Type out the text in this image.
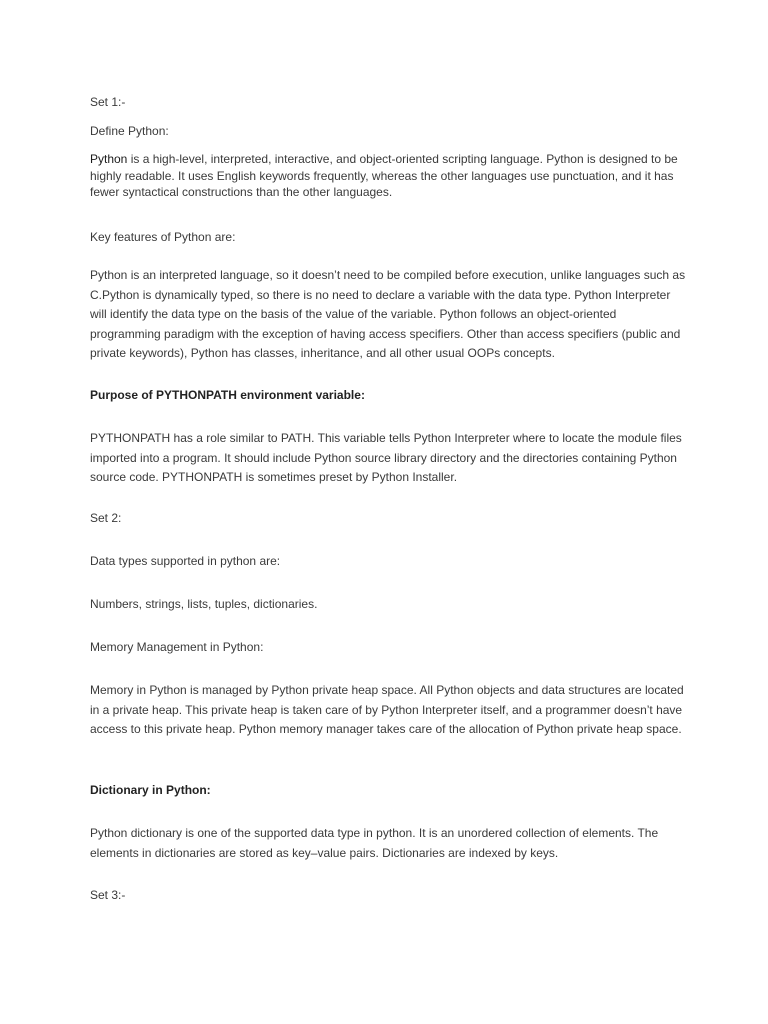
Set 1:-

Define Python:

Python is a high-level, interpreted, interactive, and object-oriented scripting language. Python is designed to be highly readable. It uses English keywords frequently, whereas the other languages use punctuation, and it has fewer syntactical constructions than the other languages.

Key features of Python are:

Python is an interpreted language, so it doesn’t need to be compiled before execution, unlike languages such as C.Python is dynamically typed, so there is no need to declare a variable with the data type. Python Interpreter will identify the data type on the basis of the value of the variable. Python follows an object-oriented programming paradigm with the exception of having access specifiers. Other than access specifiers (public and private keywords), Python has classes, inheritance, and all other usual OOPs concepts.

Purpose of PYTHONPATH environment variable:

PYTHONPATH has a role similar to PATH. This variable tells Python Interpreter where to locate the module files imported into a program. It should include Python source library directory and the directories containing Python source code. PYTHONPATH is sometimes preset by Python Installer.

Set 2:

Data types supported in python are:

Numbers, strings, lists, tuples, dictionaries.

Memory Management in Python:

Memory in Python is managed by Python private heap space. All Python objects and data structures are located in a private heap. This private heap is taken care of by Python Interpreter itself, and a programmer doesn’t have access to this private heap. Python memory manager takes care of the allocation of Python private heap space.

Dictionary in Python:

Python dictionary is one of the supported data type in python. It is an unordered collection of elements. The elements in dictionaries are stored as key–value pairs. Dictionaries are indexed by keys.

Set 3:-
